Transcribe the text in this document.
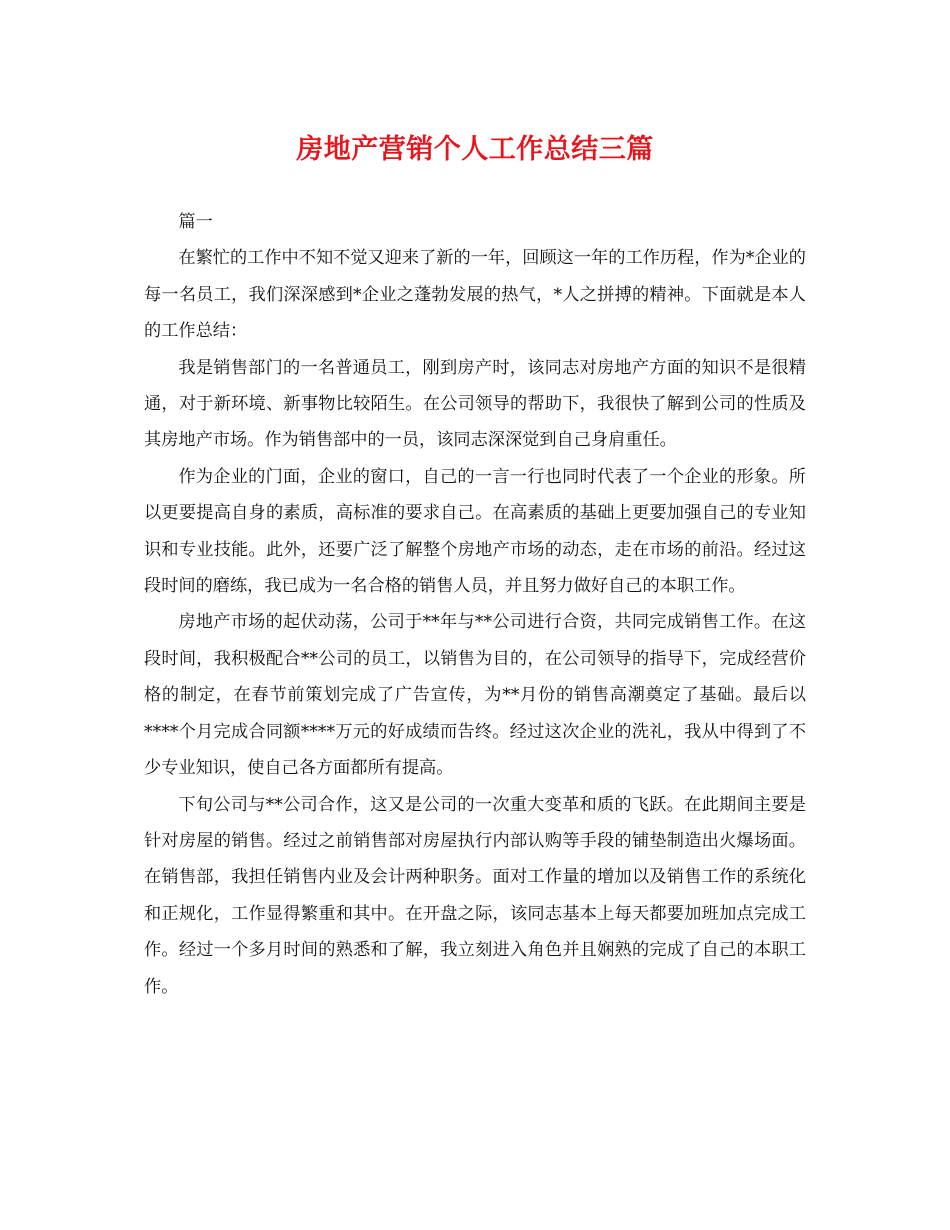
房地产营销个人工作总结三篇

篇一

在繁忙的工作中不知不觉又迎来了新的一年，回顾这一年的工作历程，作为*企业的每一名员工，我们深深感到*企业之蓬勃发展的热气，*人之拼搏的精神。下面就是本人的工作总结：

我是销售部门的一名普通员工，刚到房产时，该同志对房地产方面的知识不是很精通，对于新环境、新事物比较陌生。在公司领导的帮助下，我很快了解到公司的性质及其房地产市场。作为销售部中的一员，该同志深深觉到自己身肩重任。

作为企业的门面，企业的窗口，自己的一言一行也同时代表了一个企业的形象。所以更要提高自身的素质，高标准的要求自己。在高素质的基础上更要加强自己的专业知识和专业技能。此外，还要广泛了解整个房地产市场的动态，走在市场的前沿。经过这段时间的磨练，我已成为一名合格的销售人员，并且努力做好自己的本职工作。

房地产市场的起伏动荡，公司于**年与**公司进行合资，共同完成销售工作。在这段时间，我积极配合**公司的员工，以销售为目的，在公司领导的指导下，完成经营价格的制定，在春节前策划完成了广告宣传，为**月份的销售高潮奠定了基础。最后以****个月完成合同额****万元的好成绩而告终。经过这次企业的洗礼，我从中得到了不少专业知识，使自己各方面都所有提高。

下旬公司与**公司合作，这又是公司的一次重大变革和质的飞跃。在此期间主要是针对房屋的销售。经过之前销售部对房屋执行内部认购等手段的铺垫制造出火爆场面。在销售部，我担任销售内业及会计两种职务。面对工作量的增加以及销售工作的系统化和正规化，工作显得繁重和其中。在开盘之际，该同志基本上每天都要加班加点完成工作。经过一个多月时间的熟悉和了解，我立刻进入角色并且娴熟的完成了自己的本职工作。
